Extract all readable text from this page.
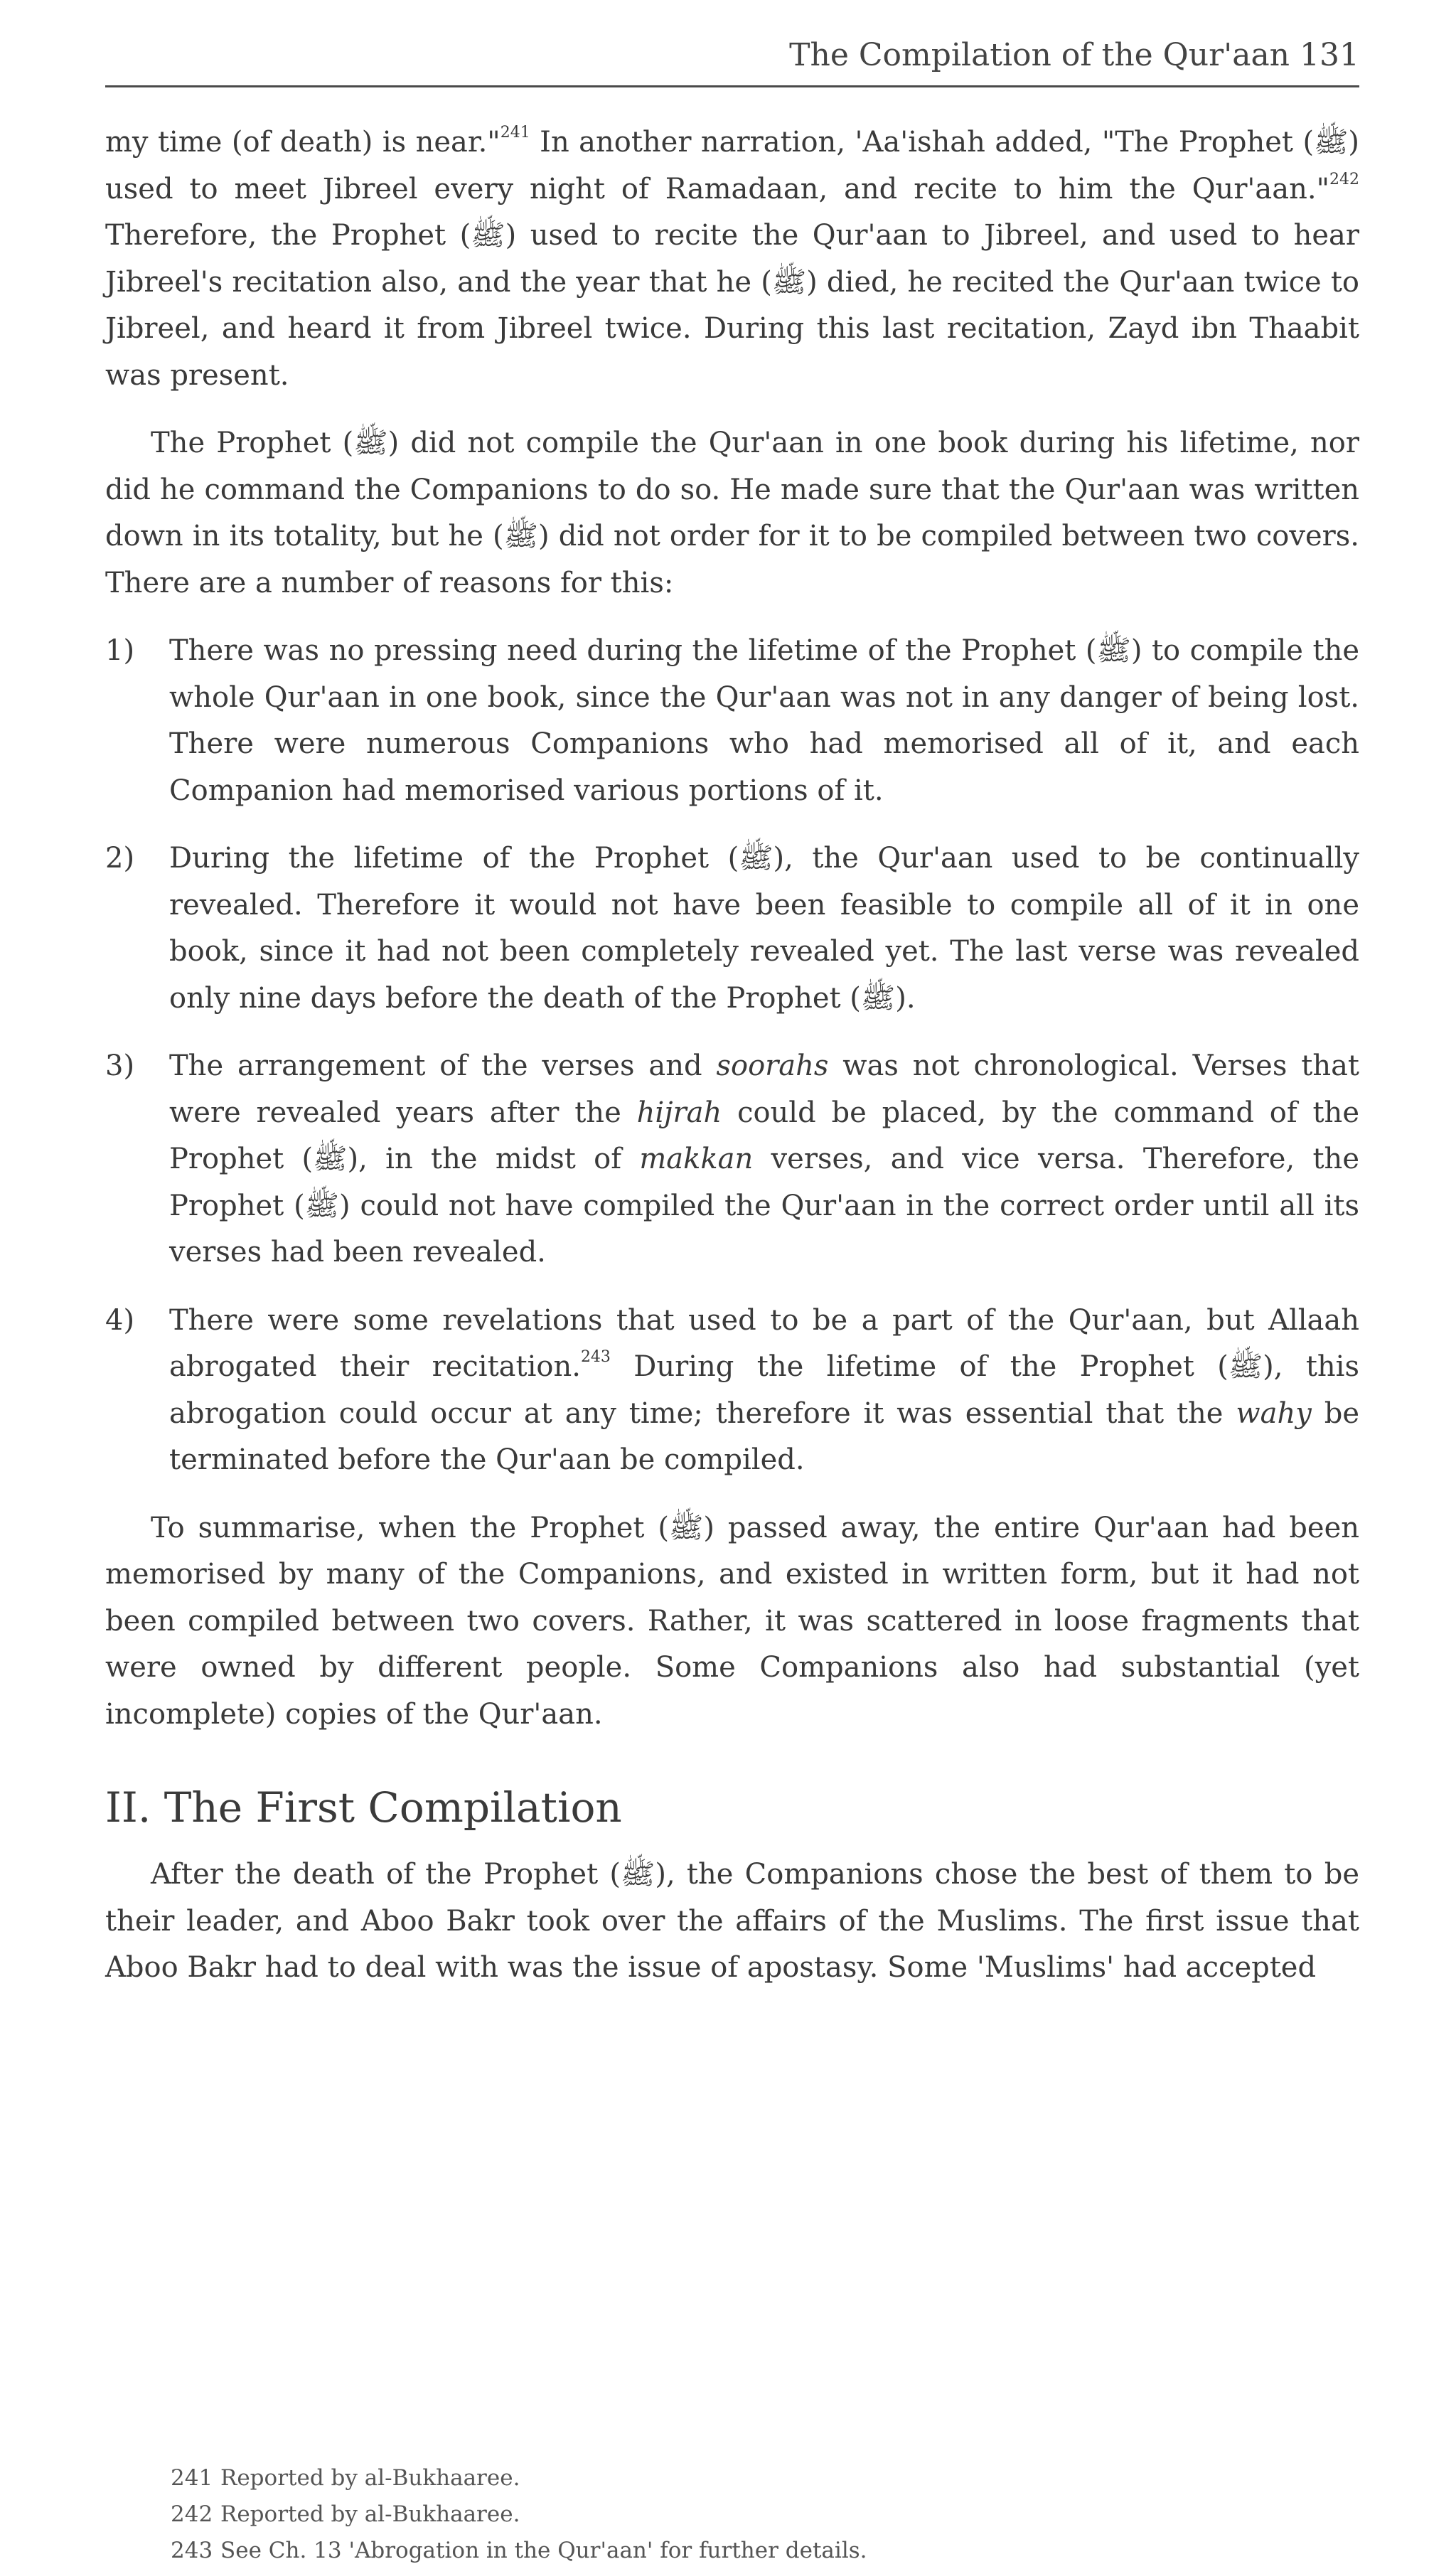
The Compilation of the Qur'aan 131

my time (of death) is near."$^{241}$ In another narration, 'Aa'ishah added, "The Prophet (ﷺ) used to meet Jibreel every night of Ramadaan, and recite to him the Qur'aan."$^{242}$ Therefore, the Prophet (ﷺ) used to recite the Qur'aan to Jibreel, and used to hear Jibreel's recitation also, and the year that he (ﷺ) died, he recited the Qur'aan twice to Jibreel, and heard it from Jibreel twice. During this last recitation, Zayd ibn Thaabit was present.

The Prophet (ﷺ) did not compile the Qur'aan in one book during his lifetime, nor did he command the Companions to do so. He made sure that the Qur'aan was written down in its totality, but he (ﷺ) did not order for it to be compiled between two covers. There are a number of reasons for this:

1)	There was no pressing need during the lifetime of the Prophet (ﷺ) to compile the whole Qur'aan in one book, since the Qur'aan was not in any danger of being lost. There were numerous Companions who had memorised all of it, and each Companion had memorised various portions of it.
2)	During the lifetime of the Prophet (ﷺ), the Qur'aan used to be continually revealed. Therefore it would not have been feasible to compile all of it in one book, since it had not been completely revealed yet. The last verse was revealed only nine days before the death of the Prophet (ﷺ).
3)	The arrangement of the verses and soorahs was not chronological. Verses that were revealed years after the hijrah could be placed, by the command of the Prophet (ﷺ), in the midst of makkan verses, and vice versa. Therefore, the Prophet (ﷺ) could not have compiled the Qur'aan in the correct order until all its verses had been revealed.
4)	There were some revelations that used to be a part of the Qur'aan, but Allaah abrogated their recitation.$^{243}$ During the lifetime of the Prophet (ﷺ), this abrogation could occur at any time; therefore it was essential that the wahy be terminated before the Qur'aan be compiled.

To summarise, when the Prophet (ﷺ) passed away, the entire Qur'aan had been memorised by many of the Companions, and existed in written form, but it had not been compiled between two covers. Rather, it was scattered in loose fragments that were owned by different people. Some Companions also had substantial (yet incomplete) copies of the Qur'aan.

II. The First Compilation

After the death of the Prophet (ﷺ), the Companions chose the best of them to be their leader, and Aboo Bakr took over the affairs of the Muslims. The first issue that Aboo Bakr had to deal with was the issue of apostasy. Some 'Muslims' had accepted

241 Reported by al-Bukhaaree.
242 Reported by al-Bukhaaree.
243 See Ch. 13 'Abrogation in the Qur'aan' for further details.
